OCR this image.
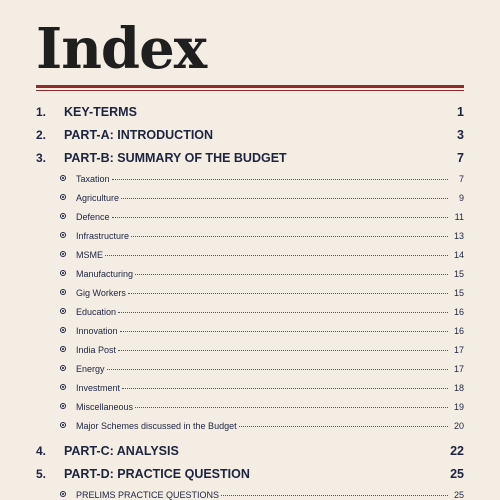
Index
1.	KEY-TERMS	1
2.	PART-A: INTRODUCTION	3
3.	PART-B: SUMMARY OF THE BUDGET	7
Taxation	7
Agriculture	9
Defence	11
Infrastructure	13
MSME	14
Manufacturing	15
Gig Workers	15
Education	16
Innovation	16
India Post	17
Energy	17
Investment	18
Miscellaneous	19
Major Schemes discussed in the Budget	20
4.	PART-C: ANALYSIS	22
5.	PART-D: PRACTICE QUESTION	25
PRELIMS PRACTICE QUESTIONS	25
